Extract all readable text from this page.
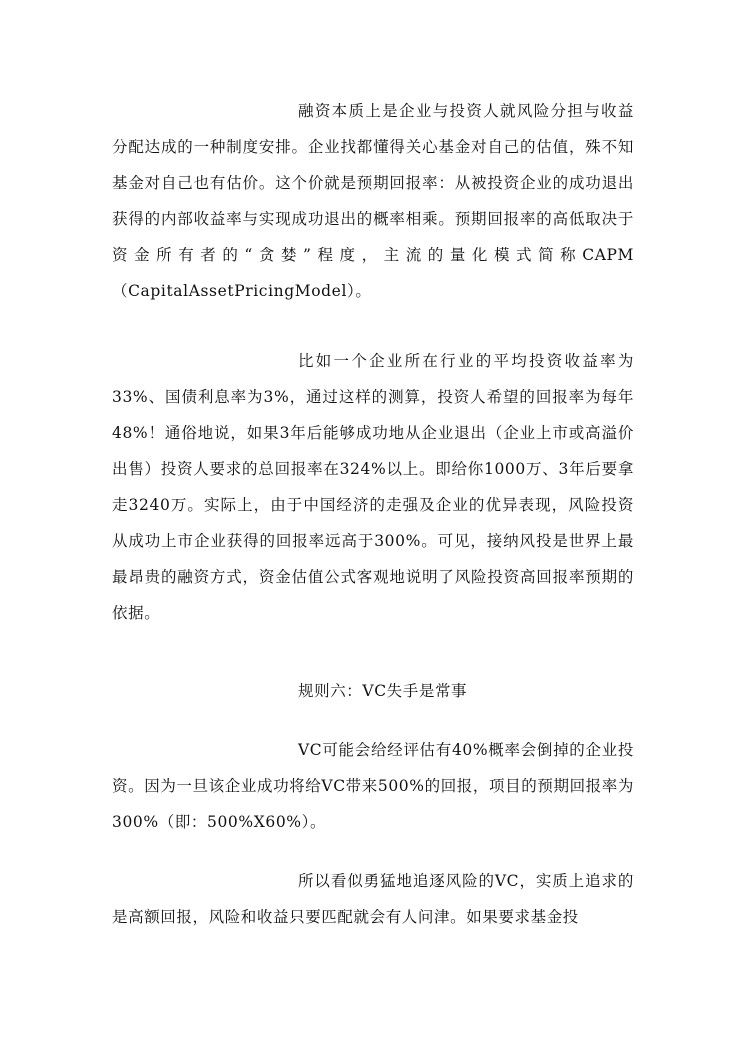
融资本质上是企业与投资人就风险分担与收益分配达成的一种制度安排。企业找都懂得关心基金对自己的估值，殊不知基金对自己也有估价。这个价就是预期回报率：从被投资企业的成功退出获得的内部收益率与实现成功退出的概率相乘。预期回报率的高低取决于资金所有者的“贪婪”程度，主流的量化模式简称CAPM（CapitalAssetPricingModel）。

比如一个企业所在行业的平均投资收益率为33%、国债利息率为3%，通过这样的测算，投资人希望的回报率为每年48%！通俗地说，如果3年后能够成功地从企业退出（企业上市或高溢价出售）投资人要求的总回报率在324%以上。即给你1000万、3年后要拿走3240万。实际上，由于中国经济的走强及企业的优异表现，风险投资从成功上市企业获得的回报率远高于300%。可见，接纳风投是世界上最最昂贵的融资方式，资金估值公式客观地说明了风险投资高回报率预期的依据。

规则六：VC失手是常事

VC可能会给经评估有40%概率会倒掉的企业投资。因为一旦该企业成功将给VC带来500%的回报，项目的预期回报率为300%（即：500%X60%）。

所以看似勇猛地追逐风险的VC，实质上追求的是高额回报，风险和收益只要匹配就会有人问津。如果要求基金投
